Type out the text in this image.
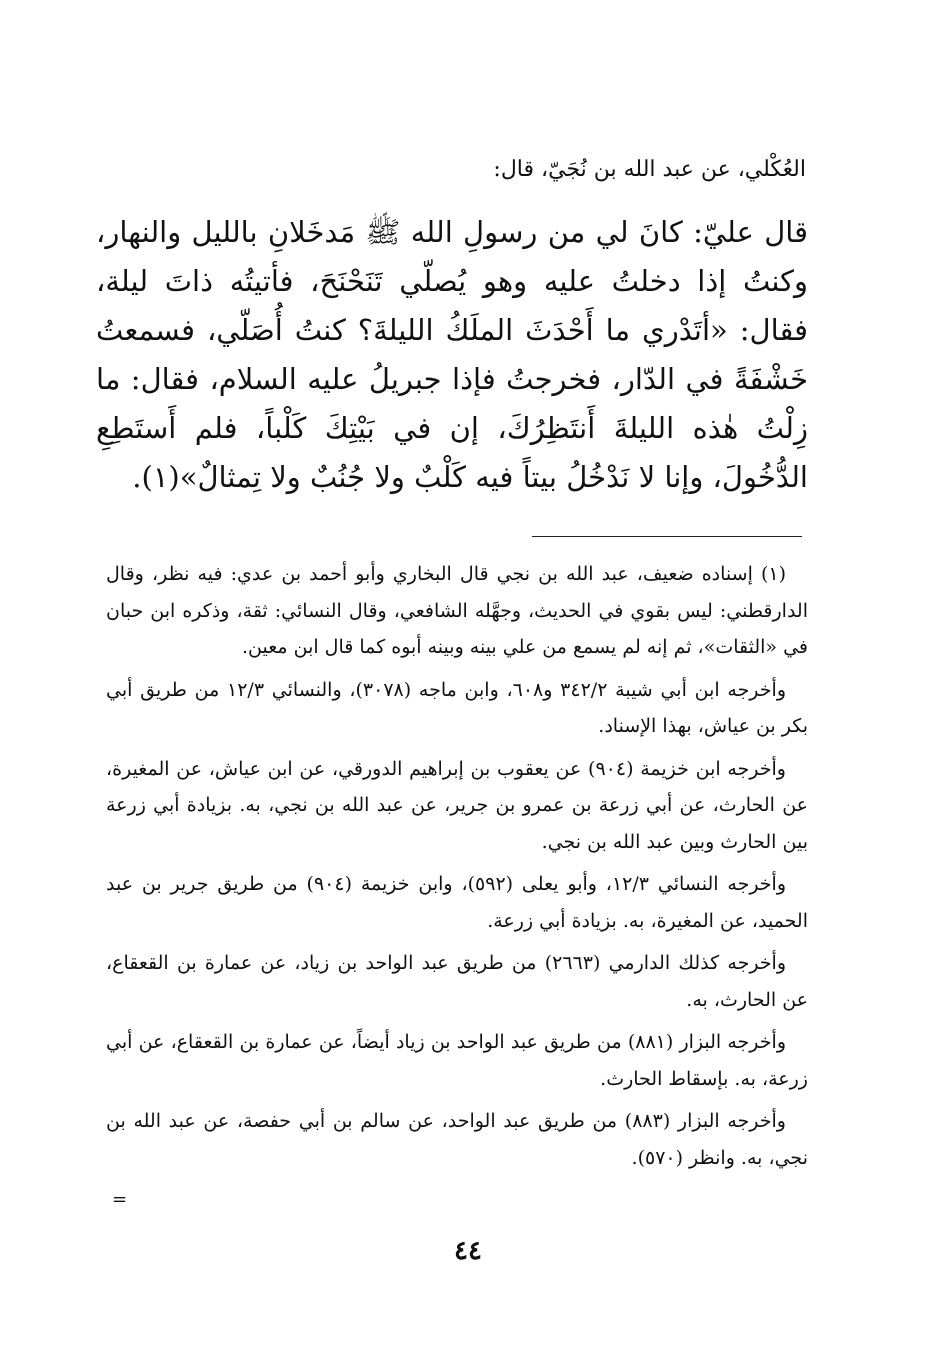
العُكْلي، عن عبد الله بن نُجَيّ، قال:

قال عليّ: كانَ لي من رسولِ الله ﷺ مَدخَلانِ بالليل والنهار، وكنتُ إذا دخلتُ عليه وهو يُصلّي تَنَحْنَحَ، فأتيتُه ذاتَ ليلة، فقال: «أتَدْري ما أَحْدَثَ الملَكُ الليلةَ؟ كنتُ أُصَلّي، فسمعتُ خَشْفَةً في الدّار، فخرجتُ فإذا جبريلُ عليه السلام، فقال: ما زِلْتُ هٰذه الليلةَ أَنتَظِرُكَ، إن في بَيْتِكَ كَلْباً، فلم أَستَطِعِ الدُّخُولَ، وإنا لا نَدْخُلُ بيتاً فيه كَلْبٌ ولا جُنُبٌ ولا تِمثالٌ»(١).

(١) إسناده ضعيف، عبد الله بن نجي قال البخاري وأبو أحمد بن عدي: فيه نظر، وقال الدارقطني: ليس بقوي في الحديث، وجهَّله الشافعي، وقال النسائي: ثقة، وذكره ابن حبان في «الثقات»، ثم إنه لم يسمع من علي بينه وبينه أبوه كما قال ابن معين.

وأخرجه ابن أبي شيبة ٣٤٢/٢ و٦٠٨، وابن ماجه (٣٠٧٨)، والنسائي ١٢/٣ من طريق أبي بكر بن عياش، بهذا الإسناد.

وأخرجه ابن خزيمة (٩٠٤) عن يعقوب بن إبراهيم الدورقي، عن ابن عياش، عن المغيرة، عن الحارث، عن أبي زرعة بن عمرو بن جرير، عن عبد الله بن نجي، به. بزيادة أبي زرعة بين الحارث وبين عبد الله بن نجي.

وأخرجه النسائي ١٢/٣، وأبو يعلى (٥٩٢)، وابن خزيمة (٩٠٤) من طريق جرير بن عبد الحميد، عن المغيرة، به. بزيادة أبي زرعة.

وأخرجه كذلك الدارمي (٢٦٦٣) من طريق عبد الواحد بن زياد، عن عمارة بن القعقاع، عن الحارث، به.

وأخرجه البزار (٨٨١) من طريق عبد الواحد بن زياد أيضاً، عن عمارة بن القعقاع، عن أبي زرعة، به. بإسقاط الحارث.

وأخرجه البزار (٨٨٣) من طريق عبد الواحد، عن سالم بن أبي حفصة، عن عبد الله بن نجي، به. وانظر (٥٧٠).

=
٤٤
